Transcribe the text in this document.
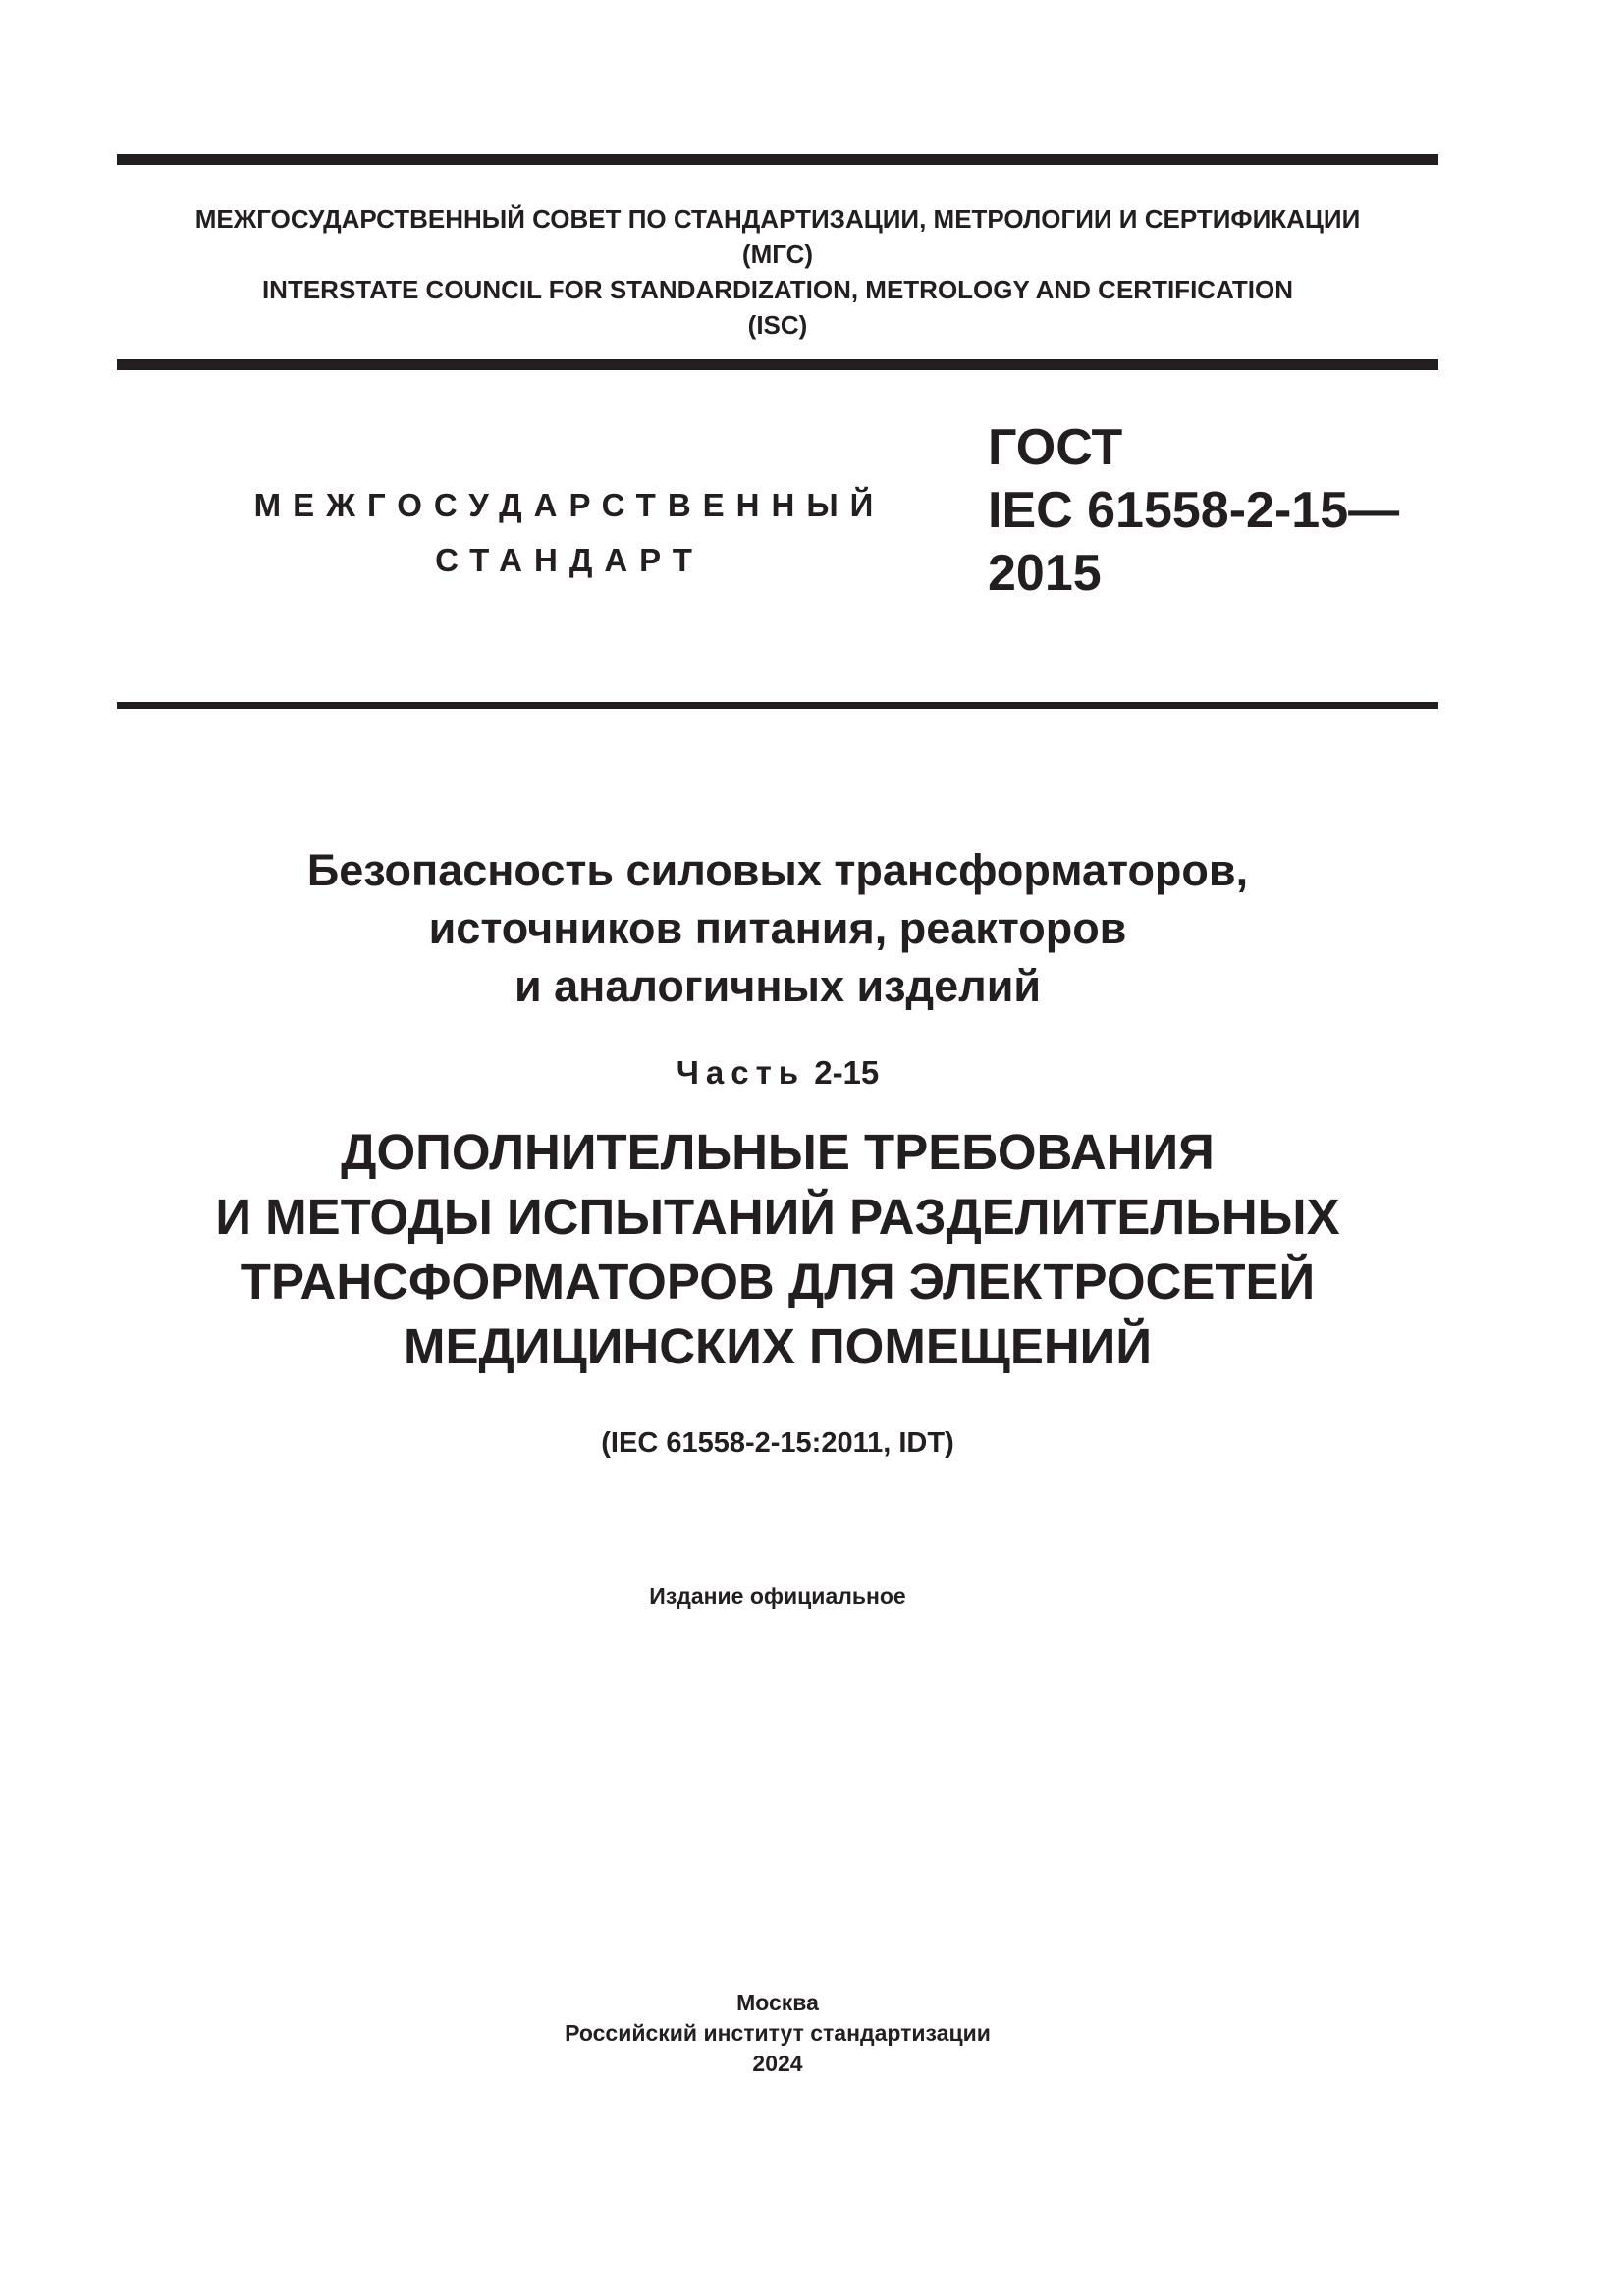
МЕЖГОСУДАРСТВЕННЫЙ СОВЕТ ПО СТАНДАРТИЗАЦИИ, МЕТРОЛОГИИ И СЕРТИФИКАЦИИ
(МГС)
INTERSTATE COUNCIL FOR STANDARDIZATION, METROLOGY AND CERTIFICATION
(ISC)
МЕЖГОСУДАРСТВЕННЫЙ
СТАНДАРТ
ГОСТ
IEC 61558-2-15—
2015
Безопасность силовых трансформаторов,
источников питания, реакторов
и аналогичных изделий
Часть 2-15
ДОПОЛНИТЕЛЬНЫЕ ТРЕБОВАНИЯ
И МЕТОДЫ ИСПЫТАНИЙ РАЗДЕЛИТЕЛЬНЫХ
ТРАНСФОРМАТОРОВ ДЛЯ ЭЛЕКТРОСЕТЕЙ
МЕДИЦИНСКИХ ПОМЕЩЕНИЙ
(IEC 61558-2-15:2011, IDT)
Издание официальное
Москва
Российский институт стандартизации
2024
